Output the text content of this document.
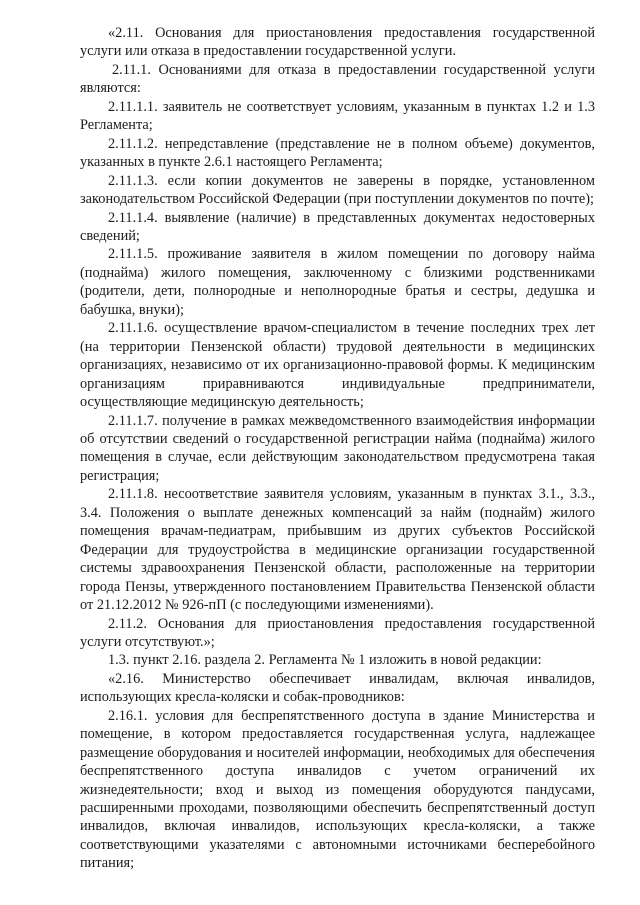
«2.11. Основания для приостановления предоставления государственной услуги или отказа в предоставлении государственной услуги.

2.11.1. Основаниями для отказа в предоставлении государственной услуги являются:

2.11.1.1. заявитель не соответствует условиям, указанным в пунктах 1.2 и 1.3 Регламента;

2.11.1.2. непредставление (представление не в полном объеме) документов, указанных в пункте 2.6.1 настоящего Регламента;

2.11.1.3. если копии документов не заверены в порядке, установленном законодательством Российской Федерации (при поступлении документов по почте);

2.11.1.4. выявление (наличие) в представленных документах недостоверных сведений;

2.11.1.5. проживание заявителя в жилом помещении по договору найма (поднайма) жилого помещения, заключенному с близкими родственниками (родители, дети, полнородные и неполнородные братья и сестры, дедушка и бабушка, внуки);

2.11.1.6. осуществление врачом-специалистом в течение последних трех лет (на территории Пензенской области) трудовой деятельности в медицинских организациях, независимо от их организационно-правовой формы. К медицинским организациям приравниваются индивидуальные предприниматели, осуществляющие медицинскую деятельность;

2.11.1.7. получение в рамках межведомственного взаимодействия информации об отсутствии сведений о государственной регистрации найма (поднайма) жилого помещения в случае, если действующим законодательством предусмотрена такая регистрация;

2.11.1.8. несоответствие заявителя условиям, указанным в пунктах 3.1., 3.3., 3.4. Положения о выплате денежных компенсаций за найм (поднайм) жилого помещения врачам-педиатрам, прибывшим из других субъектов Российской Федерации для трудоустройства в медицинские организации государственной системы здравоохранения Пензенской области, расположенные на территории города Пензы, утвержденного постановлением Правительства Пензенской области от 21.12.2012 № 926-пП (с последующими изменениями).

2.11.2. Основания для приостановления предоставления государственной услуги отсутствуют.»;

1.3. пункт 2.16. раздела 2. Регламента № 1 изложить в новой редакции:

«2.16. Министерство обеспечивает инвалидам, включая инвалидов, использующих кресла-коляски и собак-проводников:

2.16.1. условия для беспрепятственного доступа в здание Министерства и помещение, в котором предоставляется государственная услуга, надлежащее размещение оборудования и носителей информации, необходимых для обеспечения беспрепятственного доступа инвалидов с учетом ограничений их жизнедеятельности; вход и выход из помещения оборудуются пандусами, расширенными проходами, позволяющими обеспечить беспрепятственный доступ инвалидов, включая инвалидов, использующих кресла-коляски, а также соответствующими указателями с автономными источниками бесперебойного питания;
